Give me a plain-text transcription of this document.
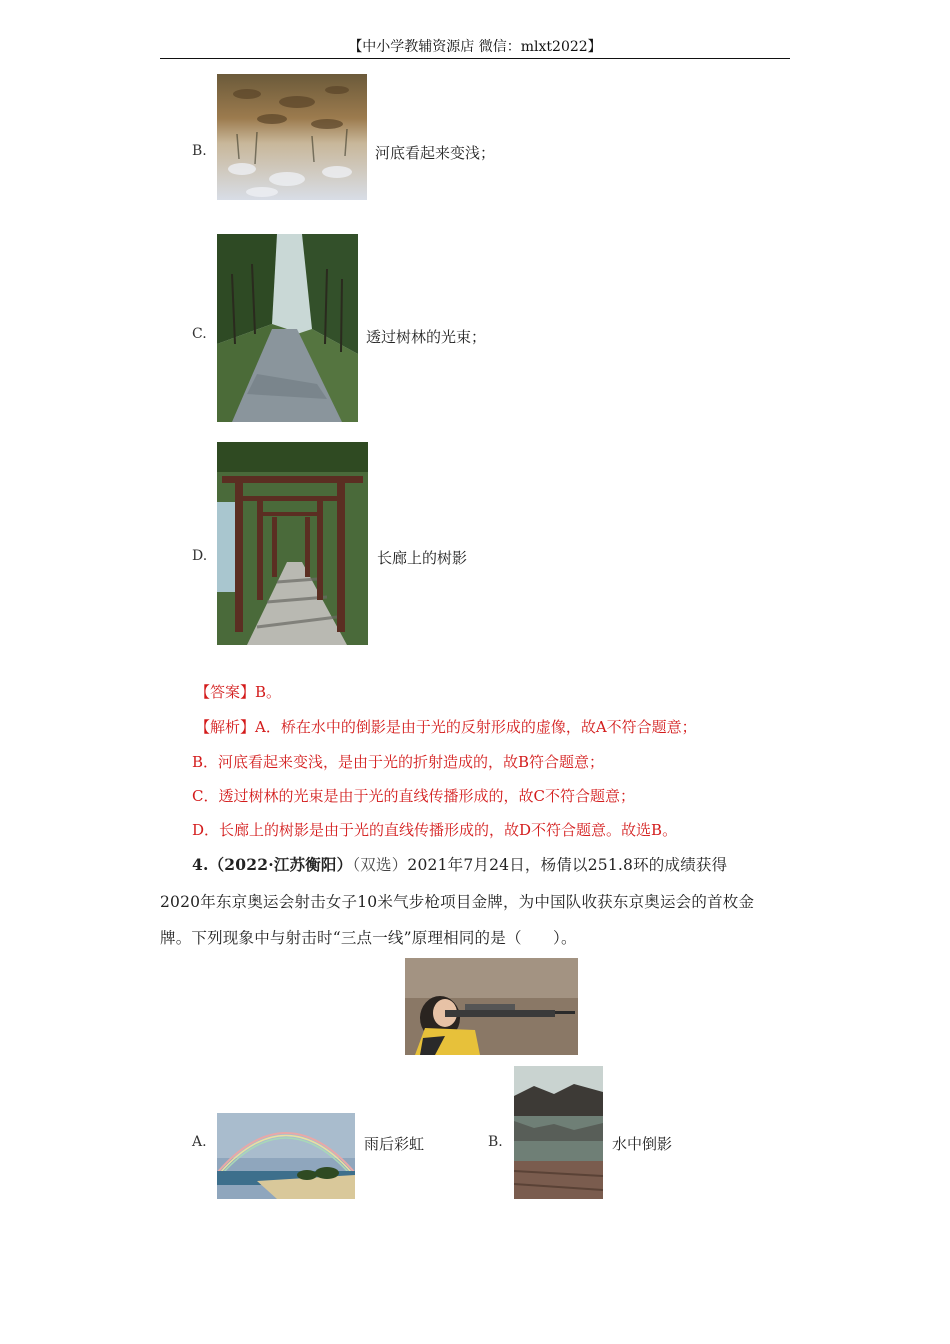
【中小学教辅资源店 微信：mlxt2022】
B.	河底看起来变浅；
C.	透过树林的光束；
D.	长廊上的树影
【答案】B。
【解析】A．桥在水中的倒影是由于光的反射形成的虚像，故A不符合题意；
B．河底看起来变浅，是由于光的折射造成的，故B符合题意；
C．透过树林的光束是由于光的直线传播形成的，故C不符合题意；
D．长廊上的树影是由于光的直线传播形成的，故D不符合题意。故选B。
4.（2022·江苏衡阳）（双选）2021年7月24日，杨倩以251.8环的成绩获得
2020年东京奥运会射击女子10米气步枪项目金牌，为中国队收获东京奥运会的首枚金
牌。下列现象中与射击时“三点一线”原理相同的是（　　）。
A.	雨后彩虹	B.	水中倒影
